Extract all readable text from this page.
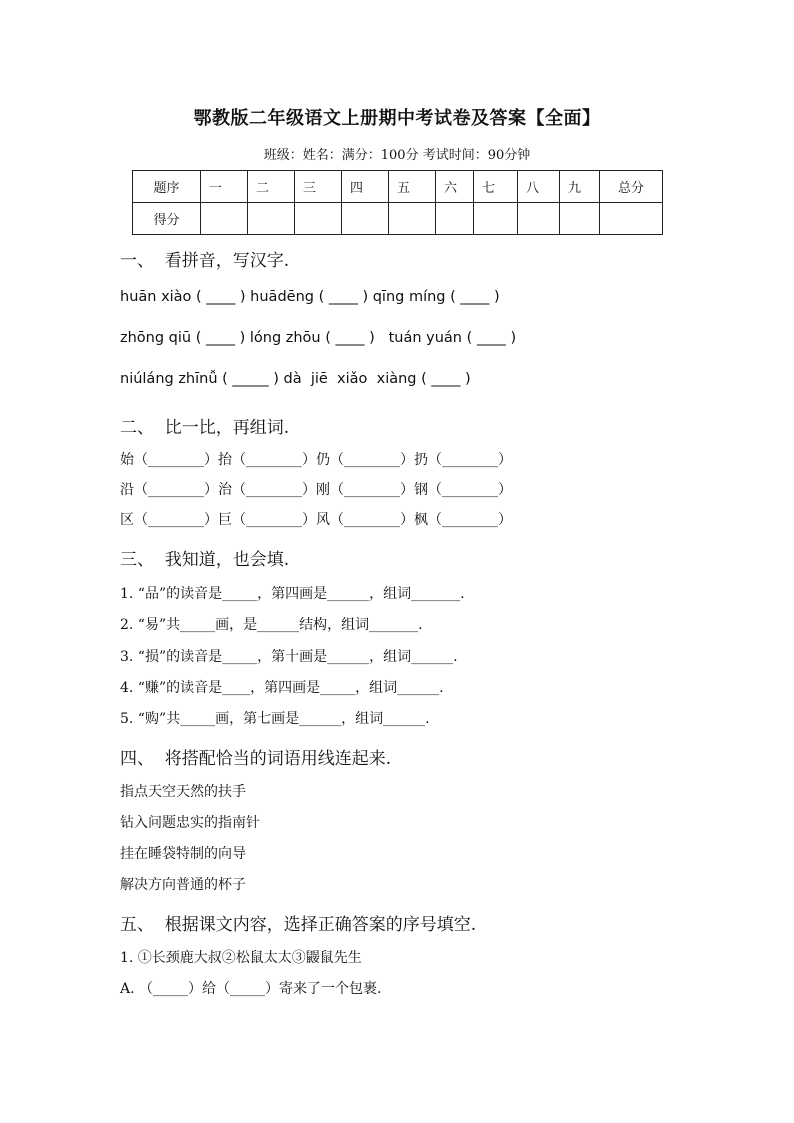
鄂教版二年级语文上册期中考试卷及答案【全面】
班级：姓名：满分：100分 考试时间：90分钟
题序	一	二	三	四	五	六	七	八	九	总分
得分										
一、  看拼音，写汉字.
huān xiào ( ____ ) huādēng ( ____ ) qīng míng ( ____ )
zhōng qiū ( ____ ) lóng zhōu ( ____ )   tuán yuán ( ____ )
niúláng zhīnǚ ( _____ ) dà  jiē  xiǎo  xiàng ( ____ )
二、  比一比，再组词.
始（________）抬（________）仍（________）扔（________）
沿（________）治（________）刚（________）钢（________）
区（________）巨（________）风（________）枫（________）
三、  我知道，也会填.
1. “品”的读音是_____，第四画是______，组词_______.
2. “易”共_____画，是______结构，组词_______.
3. “损”的读音是_____，第十画是______，组词______.
4. “赚”的读音是____，第四画是_____，组词______.
5. “购”共_____画，第七画是______，组词______.
四、  将搭配恰当的词语用线连起来.
指点天空天然的扶手
钻入问题忠实的指南针
挂在睡袋特制的向导
解决方向普通的杯子
五、  根据课文内容，选择正确答案的序号填空.
1. ①长颈鹿大叔②松鼠太太③鼹鼠先生
A. （_____）给（_____）寄来了一个包裹.
